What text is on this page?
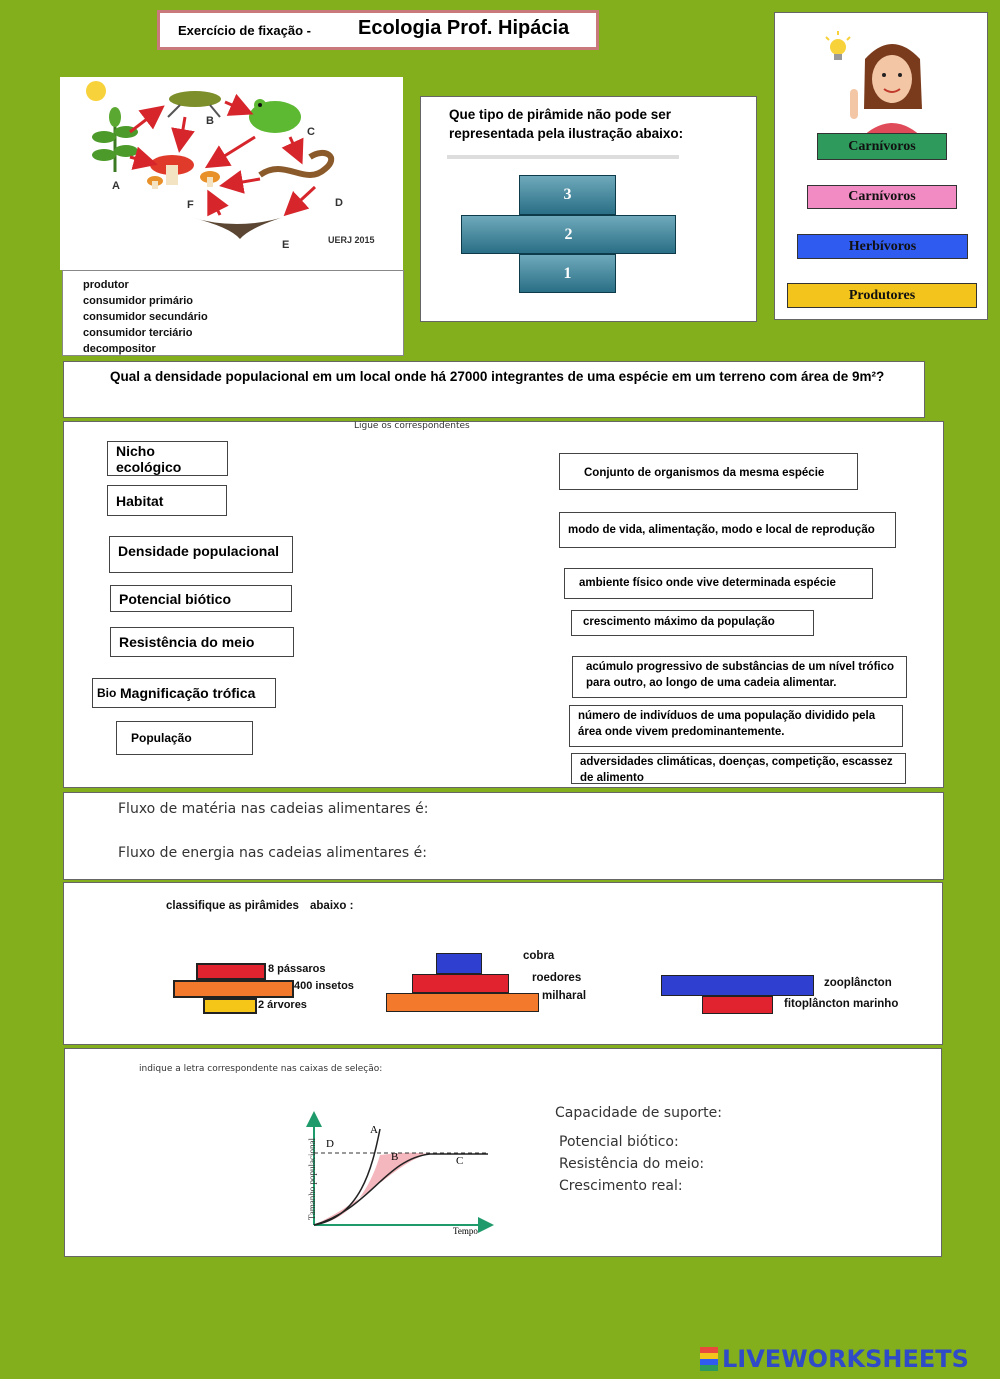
Exercício de fixação - Ecologia Prof. Hipácia
A
B
C
D
E
F
UERJ 2015
produtor
consumidor primário
consumidor secundário
consumidor terciário
decompositor
Que tipo de pirâmide não pode ser representada pela ilustração abaixo:
3
2
1
Carnívoros
Carnívoros
Herbívoros
Produtores
Qual a densidade populacional em um local onde há 27000 integrantes de uma espécie em um terreno com área de 9m²?
Ligue os correspondentes
Nicho ecológico
Habitat
Densidade populacional
Potencial biótico
Resistência do meio
Bio Magnificação trófica
População
Conjunto de organismos da mesma espécie
modo de vida, alimentação, modo e local de reprodução
ambiente físico onde vive determinada espécie
crescimento máximo da população
acúmulo progressivo de substâncias de um nível trófico para outro, ao longo de uma cadeia alimentar.
número de indivíduos de uma população dividido pela área onde vivem predominantemente.
adversidades climáticas, doenças, competição, escassez de alimento
Fluxo de matéria nas cadeias alimentares é:
Fluxo de energia nas cadeias alimentares é:
classifique as pirâmides abaixo :
8 pássaros
400 insetos
2 árvores
cobra
roedores
milharal
zooplâncton
fitoplâncton marinho
indique a letra correspondente nas caixas de seleção:
Tamanho populacional
Tempo
A
B	C
D
Capacidade de suporte:
Potencial biótico:
Resistência do meio:
Crescimento real:
LIVEWORKSHEETS
